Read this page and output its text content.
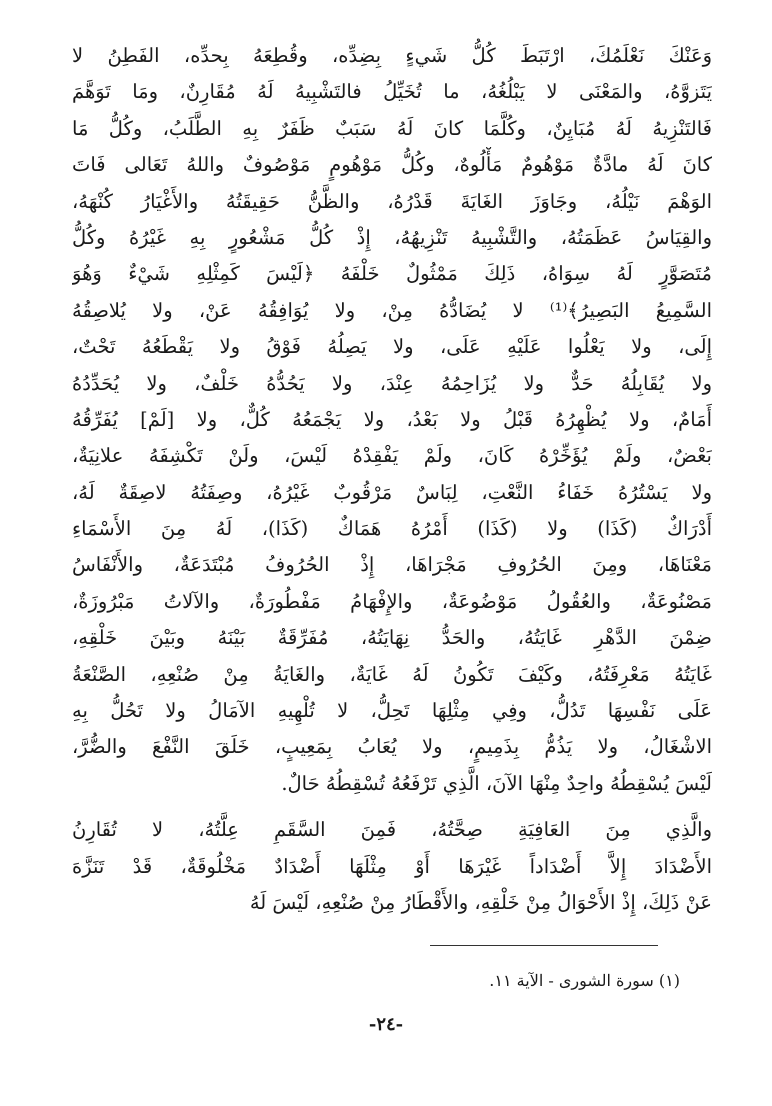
وَعَنْكَ نَعْلَمُكَ، ارْتَبَطَ كُلُّ شَيءٍ بِضِدِّه، وقُطِعَهُ بِحدِّه، الفَطِنُ لا
يَتَزوَّهُ، والمَعْنَى لا يَبْلُغُهُ، ما تُخَيِّلُ فالتَشْبِيهُ لَهُ مُقَارِنٌ، ومَا تَوَهَّمَ
فَالتَنْزِيهُ لَهُ مُبَايِنٌ، وكُلَّمَا كانَ لَهُ سَبَبٌ ظَفَرٌ بِهِ الطَّلَبُ، وكُلُّ مَا
كانَ لَهُ مادَّةٌ مَوْهُومٌ مَأْلُوهٌ، وكُلُّ مَوْهُومٍ مَوْصُوفٌ واللهُ تَعَالى فَاتَ
الوَهْمَ نَيْلُهُ، وجَاوَزَ الغَايَةَ قَدْرُهُ، والظَّنُّ حَقِيقَتُهُ والأَغْيَارُ كُنْهَهُ،
والقِيَاسُ عَظَمَتُهُ، والتَّشْبِيهُ تَنْزِيهُهُ، إِذْ كُلُّ مَشْعُورٍ بِهِ غَيْرُهُ وكُلُّ
مُتَصَوَّرٍ لَهُ سِوَاهُ، ذَلِكَ مَمْثُولٌ خَلْفَهُ ﴿لَيْسَ كَمِثْلِهِ شَيْءٌ وَهُوَ
السَّمِيعُ البَصِيرُ﴾⁽¹⁾ لا يُضَادُّهُ مِنْ، ولا يُوَافِقُهُ عَنْ، ولا يُلاصِقُهُ
إِلَى، ولا يَعْلُوا عَلَيْهِ عَلَى، ولا يَصِلُهُ فَوْقُ ولا يَقْطَعُهُ تَحْتٌ،
ولا يُقَابِلُهُ حَدٌّ ولا يُزَاحِمُهُ عِنْدَ، ولا يَحُدُّهُ خَلْفٌ، ولا يُحَدِّدُهُ
أَمَامٌ، ولا يُظْهِرُهُ قَبْلُ ولا بَعْدُ، ولا يَجْمَعُهُ كُلٌّ، ولا [لَمْ] يُفَرِّقُهُ
بَعْضٌ، ولَمْ يُؤَخِّرْهُ كَانَ، ولَمْ يَفْقِدْهُ لَيْسَ، ولَنْ تَكْشِفَهُ علانِيَةٌ،
ولا يَسْتُرُهُ خَفَاءُ النَّعْتِ، لِبَاسٌ مَرْقُوبٌ غَيْرُهُ، وصِفَتُهُ لاصِقَةٌ لَهُ،
أَدْرَاكٌ (كَذَا) ولا (كَذَا) أَمْرُهُ هَمَاكٌ (كَذَا)، لَهُ مِنَ الأَسْمَاءِ
مَعْنَاهَا، ومِنَ الحُرُوفِ مَجْرَاهَا، إِذْ الحُرُوفُ مُبْتَدَعَةٌ، والأَنْفَاسُ
مَصْنُوعَةٌ، والعُقُولُ مَوْضُوعَةٌ، والإِفْهَامُ مَفْطُورَةٌ، والآلاتُ مَبْرُوزَةٌ،
ضِمْنَ الدَّهْرِ غَايَتُهُ، والحَدُّ نِهَايَتُهُ، مُفَرِّقَةٌ بَيْنَهُ وبَيْنَ خَلْقِهِ،
غَايَتُهُ مَعْرِفَتُهُ، وكَيْفَ تَكُونُ لَهُ غَايَةٌ، والغَايَةُ مِنْ صُنْعِهِ، الصَّنْعَةُ
عَلَى نَفْسِهَا تَدُلُّ، وفِي مِثْلِهَا تَحِلُّ، لا تُلْهِيهِ الآمَالُ ولا تَحُلُّ بِهِ
الاشْغَالُ، ولا يَذُمُّ بِذَمِيمٍ، ولا يُعَابُ بِمَعِيبٍ، خَلَقَ النَّفْعَ والضُّرَّ،
لَيْسَ يُسْقِطُهُ واحِدٌ مِنْهَا الآنَ، الَّذِي تَرْفَعُهُ تُسْقِطُهُ حَالٌ.
والَّذِي مِنَ العَافِيَةِ صِحَّتُهُ، فَمِنَ السَّقَمِ عِلَّتُهُ، لا تُقَارِنُ
الأَضْدَادَ إِلاَّ أَضْدَاداً غَيْرَهَا أَوْ مِثْلَهَا أَضْدَادٌ مَخْلُوقَةٌ، قَدْ تَنَزَّهَ
عَنْ ذَلِكَ، إِذْ الأَحْوَالُ مِنْ خَلْقِهِ، والأَقْطَارُ مِنْ صُنْعِهِ، لَيْسَ لَهُ
(١) سورة الشورى - الآية ١١.
-٢٤-
